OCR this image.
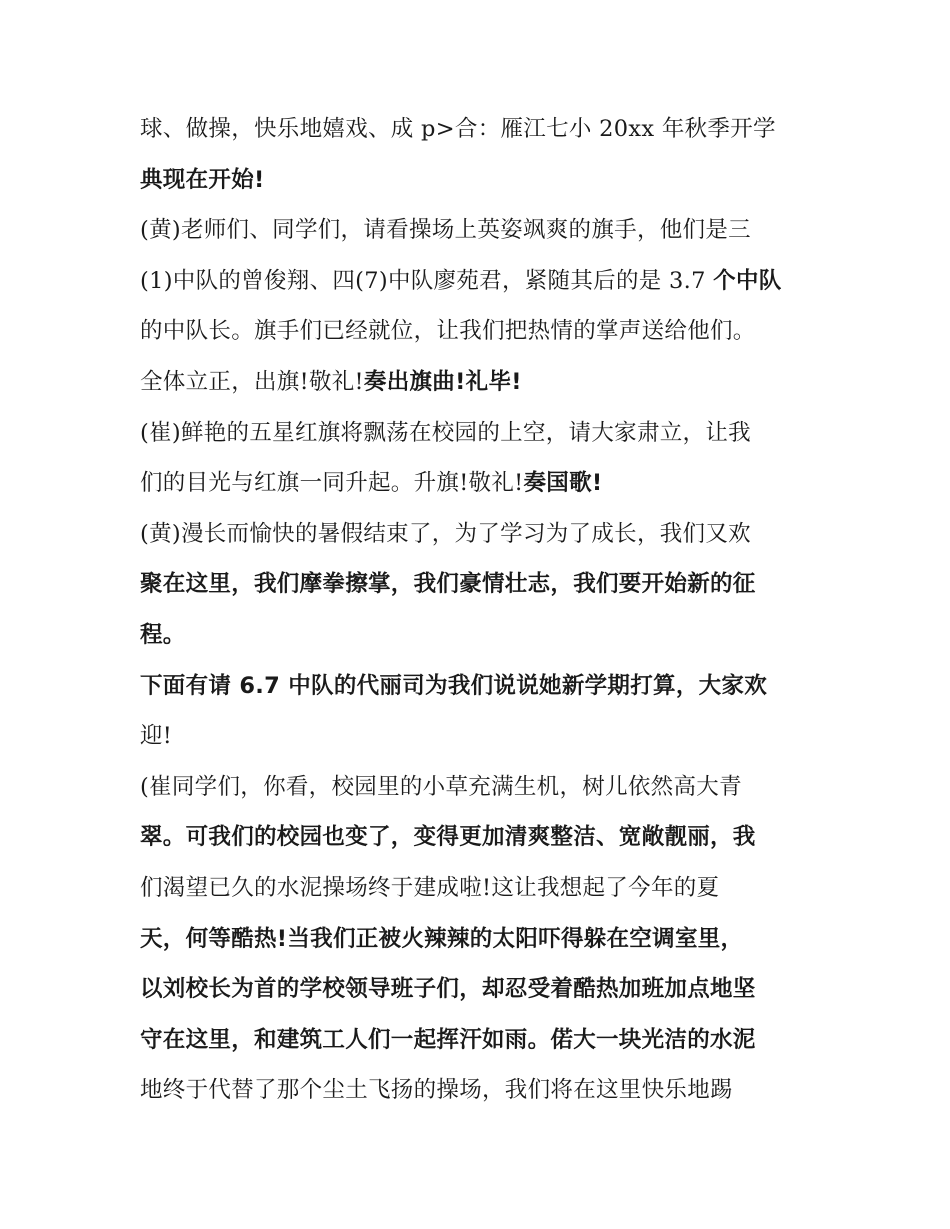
球、做操，快乐地嬉戏、成 p>合：雁江七小 20xx 年秋季开学
典现在开始!
(黄)老师们、同学们，请看操场上英姿飒爽的旗手，他们是三
(1)中队的曾俊翔、四(7)中队廖苑君，紧随其后的是 3.7 个中队
的中队长。旗手们已经就位，让我们把热情的掌声送给他们。
全体立正，出旗!敬礼!奏出旗曲!礼毕!
(崔)鲜艳的五星红旗将飘荡在校园的上空，请大家肃立，让我
们的目光与红旗一同升起。升旗!敬礼!奏国歌!
(黄)漫长而愉快的暑假结束了，为了学习为了成长，我们又欢
聚在这里，我们摩拳擦掌，我们豪情壮志，我们要开始新的征
程。
下面有请 6.7 中队的代丽司为我们说说她新学期打算，大家欢
迎!
(崔同学们，你看，校园里的小草充满生机，树儿依然高大青
翠。可我们的校园也变了，变得更加清爽整洁、宽敞靓丽，我
们渴望已久的水泥操场终于建成啦!这让我想起了今年的夏
天，何等酷热!当我们正被火辣辣的太阳吓得躲在空调室里，
以刘校长为首的学校领导班子们，却忍受着酷热加班加点地坚
守在这里，和建筑工人们一起挥汗如雨。偌大一块光洁的水泥
地终于代替了那个尘土飞扬的操场，我们将在这里快乐地踢
